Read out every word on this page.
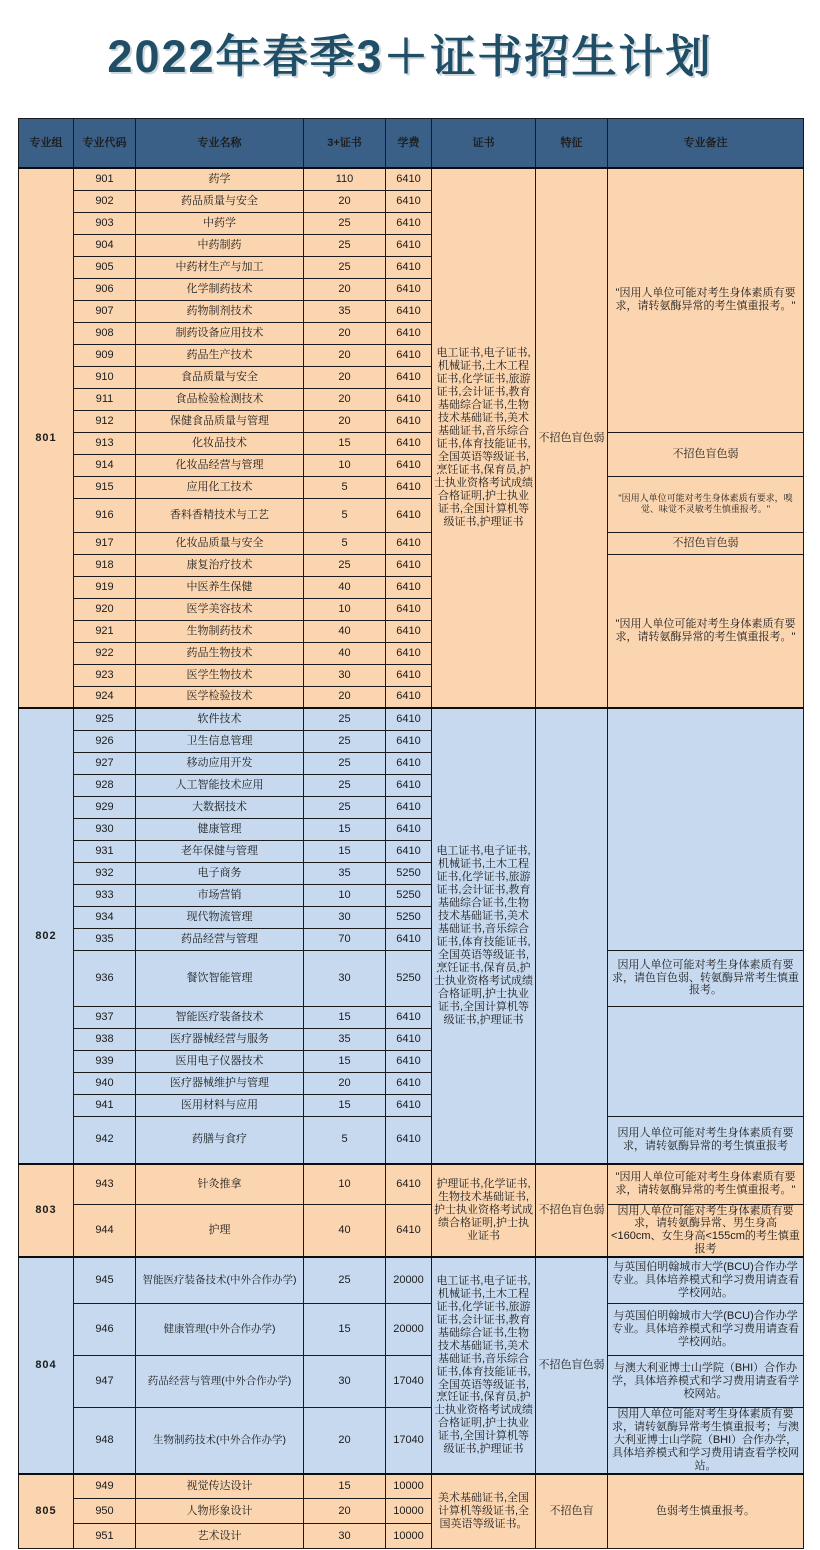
2022年春季3＋证书招生计划
专业组	专业代码	专业名称	3+证书	学费	证书	特征	专业备注
801	901	药学	110	6410	电工证书,电子证书,机械证书,土木工程证书,化学证书,旅游证书,会计证书,教育基础综合证书,生物技术基础证书,美术基础证书,音乐综合证书,体育技能证书,全国英语等级证书,烹饪证书,保育员,护士执业资格考试成绩合格证明,护士执业证书,全国计算机等级证书,护理证书	不招色盲色弱	"因用人单位可能对考生身体素质有要求，请转氨酶异常的考生慎重报考。"
	902	药品质量与安全	20	6410			
	903	中药学	25	6410			
	904	中药制药	25	6410			
	905	中药材生产与加工	25	6410			
	906	化学制药技术	20	6410			
	907	药物制剂技术	35	6410			
	908	制药设备应用技术	20	6410			
	909	药品生产技术	20	6410			
	910	食品质量与安全	20	6410			
	911	食品检验检测技术	20	6410			
	912	保健食品质量与管理	20	6410			
	913	化妆品技术	15	6410			不招色盲色弱
	914	化妆品经营与管理	10	6410			
	915	应用化工技术	5	6410			"因用人单位可能对考生身体素质有要求，嗅觉、味觉不灵敏考生慎重报考。"
	916	香料香精技术与工艺	5	6410			
	917	化妆品质量与安全	5	6410			不招色盲色弱
	918	康复治疗技术	25	6410			"因用人单位可能对考生身体素质有要求，请转氨酶异常的考生慎重报考。"
	919	中医养生保健	40	6410			
	920	医学美容技术	10	6410			
	921	生物制药技术	40	6410			
	922	药品生物技术	40	6410			
	923	医学生物技术	30	6410			
	924	医学检验技术	20	6410			
802	925	软件技术	25	6410	电工证书,电子证书,机械证书,土木工程证书,化学证书,旅游证书,会计证书,教育基础综合证书,生物技术基础证书,美术基础证书,音乐综合证书,体育技能证书,全国英语等级证书,烹饪证书,保育员,护士执业资格考试成绩合格证明,护士执业证书,全国计算机等级证书,护理证书		
	926	卫生信息管理	25	6410			
	927	移动应用开发	25	6410			
	928	人工智能技术应用	25	6410			
	929	大数据技术	25	6410			
	930	健康管理	15	6410			
	931	老年保健与管理	15	6410			
	932	电子商务	35	5250			
	933	市场营销	10	5250			
	934	现代物流管理	30	5250			
	935	药品经营与管理	70	6410			
	936	餐饮智能管理	30	5250			因用人单位可能对考生身体素质有要求，请色盲色弱、转氨酶异常考生慎重报考。
	937	智能医疗装备技术	15	6410			
	938	医疗器械经营与服务	35	6410			
	939	医用电子仪器技术	15	6410			
	940	医疗器械维护与管理	20	6410			
	941	医用材料与应用	15	6410			
	942	药膳与食疗	5	6410			因用人单位可能对考生身体素质有要求，请转氨酶异常的考生慎重报考
803	943	针灸推拿	10	6410	护理证书,化学证书,生物技术基础证书,护士执业资格考试成绩合格证明,护士执业证书	不招色盲色弱	"因用人单位可能对考生身体素质有要求，请转氨酶异常的考生慎重报考。"
	944	护理	40	6410			因用人单位可能对考生身体素质有要求，请转氨酶异常、男生身高<160cm、女生身高<155cm的考生慎重报考
804	945	智能医疗装备技术(中外合作办学)	25	20000	电工证书,电子证书,机械证书,土木工程证书,化学证书,旅游证书,会计证书,教育基础综合证书,生物技术基础证书,美术基础证书,音乐综合证书,体育技能证书,全国英语等级证书,烹饪证书,保育员,护士执业资格考试成绩合格证明,护士执业证书,全国计算机等级证书,护理证书	不招色盲色弱	与英国伯明翰城市大学(BCU)合作办学专业。具体培养模式和学习费用请查看学校网站。
	946	健康管理(中外合作办学)	15	20000			与英国伯明翰城市大学(BCU)合作办学专业。具体培养模式和学习费用请查看学校网站。
	947	药品经营与管理(中外合作办学)	30	17040			与澳大利亚博士山学院（BHI）合作办学，具体培养模式和学习费用请查看学校网站。
	948	生物制药技术(中外合作办学)	20	17040			因用人单位可能对考生身体素质有要求，请转氨酶异常考生慎重报考；与澳大利亚博士山学院（BHI）合作办学，具体培养模式和学习费用请查看学校网站。
805	949	视觉传达设计	15	10000	美术基础证书,全国计算机等级证书,全国英语等级证书。	不招色盲	色弱考生慎重报考。
	950	人物形象设计	20	10000			
	951	艺术设计	30	10000			
